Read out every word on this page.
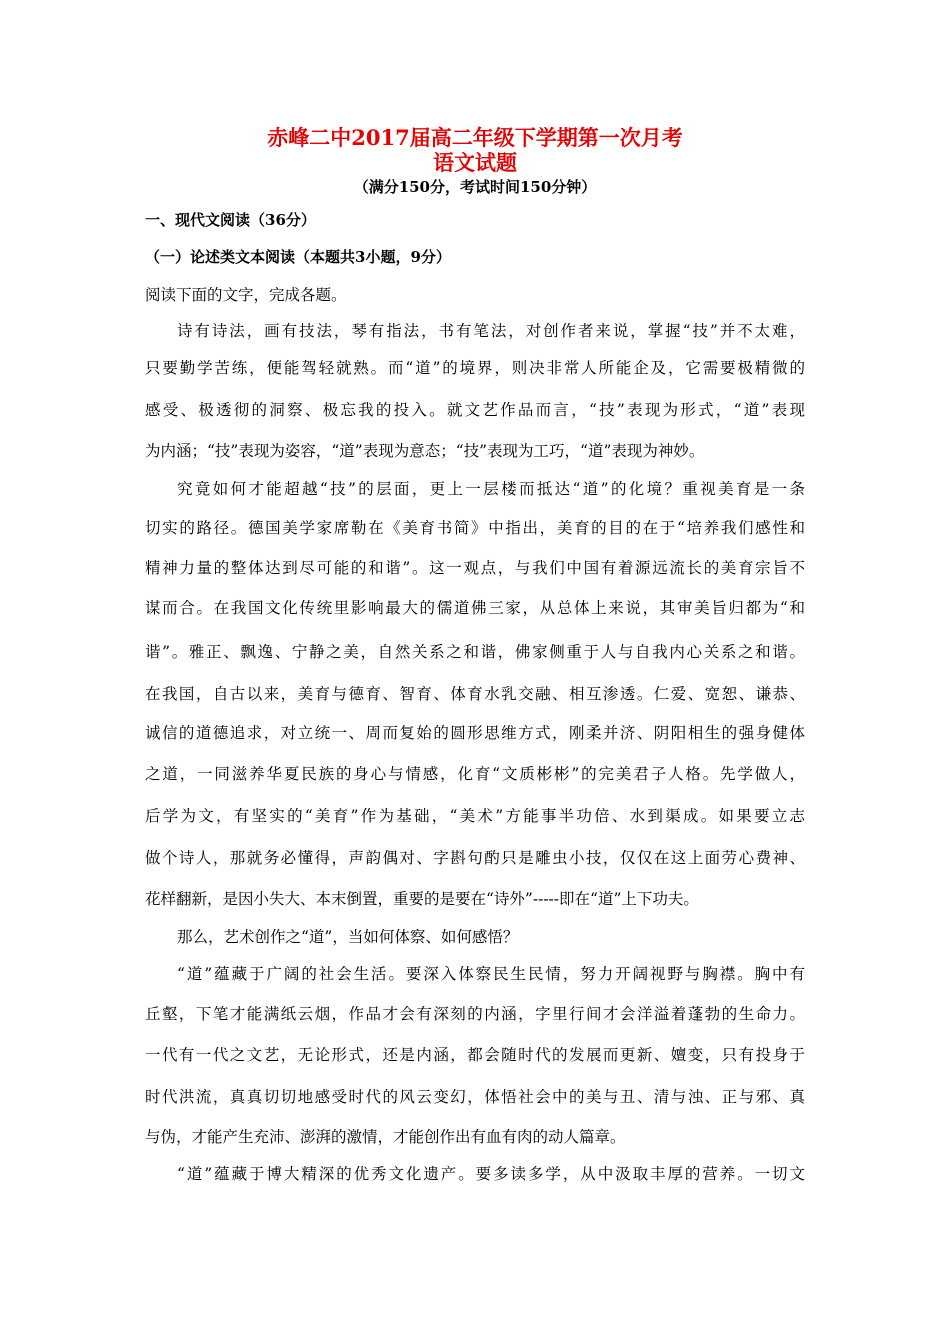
赤峰二中2017届高二年级下学期第一次月考
语文试题
（满分150分，考试时间150分钟）
一、现代文阅读（36分）
（一）论述类文本阅读（本题共3小题，9分）
阅读下面的文字，完成各题。
诗有诗法，画有技法，琴有指法，书有笔法，对创作者来说，掌握“技”并不太难，
只要勤学苦练，便能驾轻就熟。而“道”的境界，则决非常人所能企及，它需要极精微的
感受、极透彻的洞察、极忘我的投入。就文艺作品而言，“技”表现为形式，“道”表现
为内涵；“技”表现为姿容，“道”表现为意态；“技”表现为工巧，“道”表现为神妙。
究竟如何才能超越“技”的层面，更上一层楼而抵达“道”的化境？重视美育是一条
切实的路径。德国美学家席勒在《美育书简》中指出，美育的目的在于“培养我们感性和
精神力量的整体达到尽可能的和谐”。这一观点，与我们中国有着源远流长的美育宗旨不
谋而合。在我国文化传统里影响最大的儒道佛三家，从总体上来说，其审美旨归都为“和
谐”。雅正、飘逸、宁静之美，自然关系之和谐，佛家侧重于人与自我内心关系之和谐。
在我国，自古以来，美育与德育、智育、体育水乳交融、相互渗透。仁爱、宽恕、谦恭、
诚信的道德追求，对立统一、周而复始的圆形思维方式，刚柔并济、阴阳相生的强身健体
之道，一同滋养华夏民族的身心与情感，化育“文质彬彬”的完美君子人格。先学做人，
后学为文，有坚实的“美育”作为基础，“美术”方能事半功倍、水到渠成。如果要立志
做个诗人，那就务必懂得，声韵偶对、字斟句酌只是雕虫小技，仅仅在这上面劳心费神、
花样翻新，是因小失大、本末倒置，重要的是要在“诗外”-----即在“道”上下功夫。
那么，艺术创作之“道”，当如何体察、如何感悟？
“道”蕴藏于广阔的社会生活。要深入体察民生民情，努力开阔视野与胸襟。胸中有
丘壑，下笔才能满纸云烟，作品才会有深刻的内涵，字里行间才会洋溢着蓬勃的生命力。
一代有一代之文艺，无论形式，还是内涵，都会随时代的发展而更新、嬗变，只有投身于
时代洪流，真真切切地感受时代的风云变幻，体悟社会中的美与丑、清与浊、正与邪、真
与伪，才能产生充沛、澎湃的激情，才能创作出有血有肉的动人篇章。
“道”蕴藏于博大精深的优秀文化遗产。要多读多学，从中汲取丰厚的营养。一切文
